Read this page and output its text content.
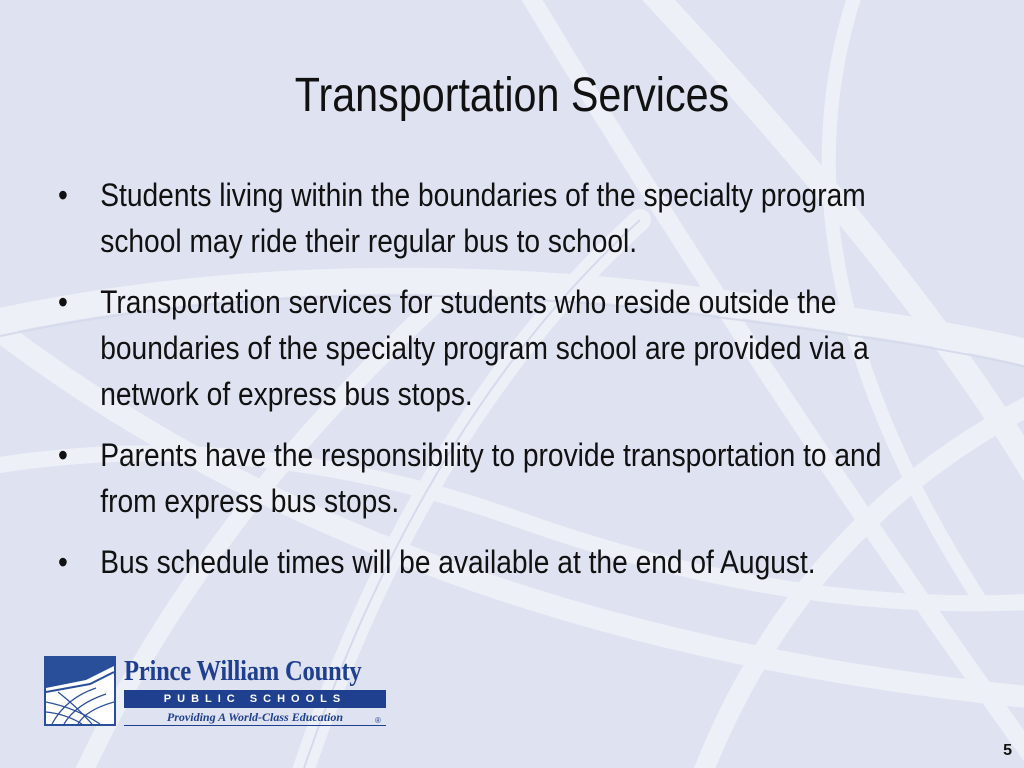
Transportation Services
•	Students living within the boundaries of the specialty program school may ride their regular bus to school.
•	Transportation services for students who reside outside the boundaries of the specialty program school are provided via a network of express bus stops.
•	Parents have the responsibility to provide transportation to and from express bus stops.
•	Bus schedule times will be available at the end of August.
Prince William County
PUBLIC SCHOOLS
Providing A World-Class Education	®
5
